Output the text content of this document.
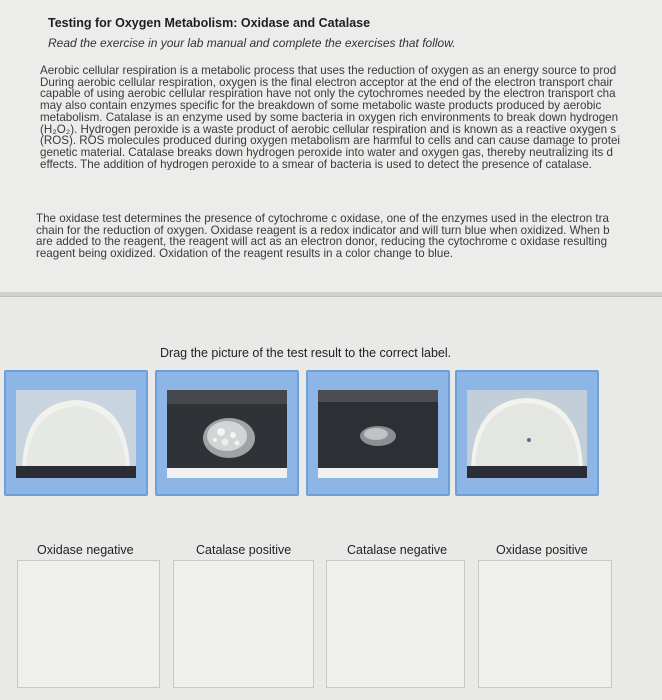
Testing for Oxygen Metabolism: Oxidase and Catalase
Read the exercise in your lab manual and complete the exercises that follow.
Aerobic cellular respiration is a metabolic process that uses the reduction of oxygen as an energy source to prod
During aerobic cellular respiration, oxygen is the final electron acceptor at the end of the electron transport chair
capable of using aerobic cellular respiration have not only the cytochromes needed by the electron transport cha
may also contain enzymes specific for the breakdown of some metabolic waste products produced by aerobic
metabolism. Catalase is an enzyme used by some bacteria in oxygen rich environments to break down hydrogen
(H₂O₂). Hydrogen peroxide is a waste product of aerobic cellular respiration and is known as a reactive oxygen s
(ROS). ROS molecules produced during oxygen metabolism are harmful to cells and can cause damage to protei
genetic material. Catalase breaks down hydrogen peroxide into water and oxygen gas, thereby neutralizing its d
effects. The addition of hydrogen peroxide to a smear of bacteria is used to detect the presence of catalase.
The oxidase test determines the presence of cytochrome c oxidase, one of the enzymes used in the electron tra
chain for the reduction of oxygen. Oxidase reagent is a redox indicator and will turn blue when oxidized. When b
are added to the reagent, the reagent will act as an electron donor, reducing the cytochrome c oxidase resulting
reagent being oxidized. Oxidation of the reagent results in a color change to blue.
Drag the picture of the test result to the correct label.
Oxidase negative	Catalase positive	Catalase negative	Oxidase positive
